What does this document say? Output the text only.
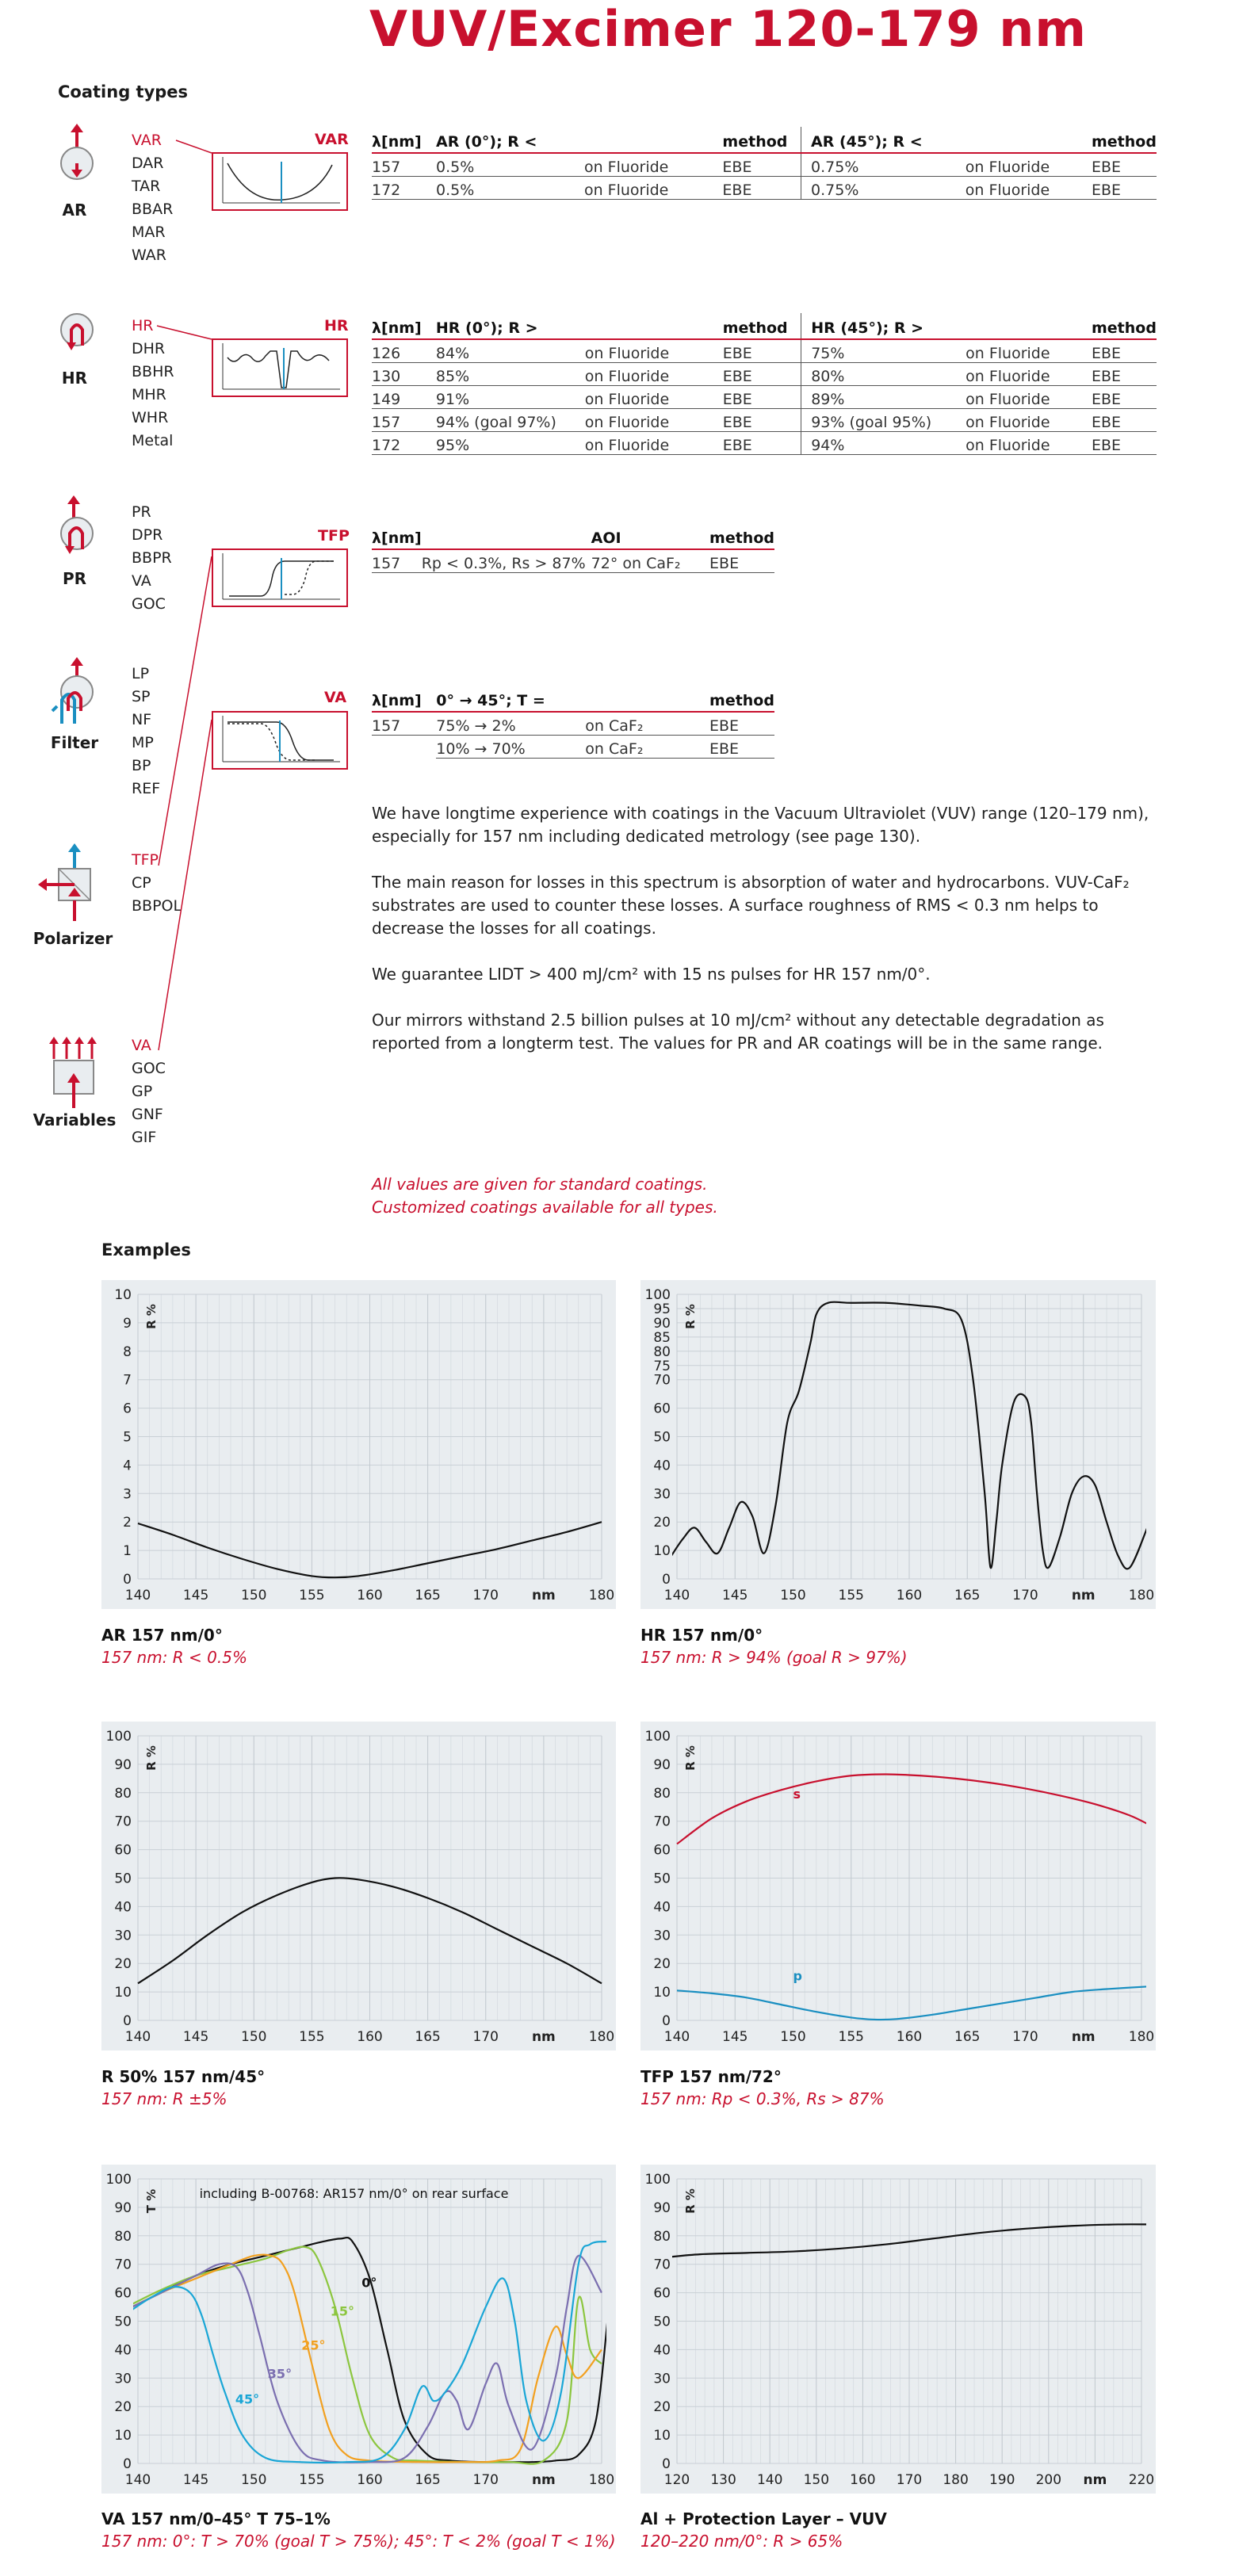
VUV/Excimer 120-179 nm
Coating types
AR
HR
PR
Filter
Polarizer
Variables
VAR
DAR
TAR
BBAR
MAR
WAR
HR
DHR
BBHR
MHR
WHR
Metal
PR
DPR
BBPR
VA
GOC
LP
SP
NF
MP
BP
REF
TFP
CP
BBPOL
VA
GOC
GP
GNF
GIF
VAR
HR
TFP
VA
λ[nm]	AR (0°); R <		method	AR (45°); R <		method
157	0.5%	on Fluoride	EBE	0.75%	on Fluoride	EBE
172	0.5%	on Fluoride	EBE	0.75%	on Fluoride	EBE
λ[nm]	HR (0°); R >		method	HR (45°); R >		method
126	84%	on Fluoride	EBE	75%	on Fluoride	EBE
130	85%	on Fluoride	EBE	80%	on Fluoride	EBE
149	91%	on Fluoride	EBE	89%	on Fluoride	EBE
157	94% (goal 97%)	on Fluoride	EBE	93% (goal 95%)	on Fluoride	EBE
172	95%	on Fluoride	EBE	94%	on Fluoride	EBE
λ[nm]		AOI	method
157	Rp < 0.3%, Rs > 87%	72° on CaF₂	EBE
λ[nm]	0° → 45°; T =		method
157	75% → 2%	on CaF₂	EBE
	10% → 70%	on CaF₂	EBE

We have longtime experience with coatings in the Vacuum Ultraviolet (VUV) range (120–179 nm), especially for 157 nm including dedicated metrology (see page 130).

The main reason for losses in this spectrum is absorption of water and hydrocarbons. VUV-CaF₂ substrates are used to counter these losses. A surface roughness of RMS < 0.3 nm helps to decrease the losses for all coatings.

We guarantee LIDT > 400 mJ/cm² with 15 ns pulses for HR 157 nm/0°.

Our mirrors withstand 2.5 billion pulses at 10 mJ/cm² without any detectable degradation as reported from a longterm test. The values for PR and AR coatings will be in the same range.

All values are given for standard coatings.
Customized coatings available for all types.
Examples
0
1
2
3
4
5
6
7
8
9
10
140 145 150 155 160 165 170 nm 180
R %
0
10
20
30
40
50
60
70
75
80
85
90
95
100
140 145 150 155 160 165 170 nm 180
R %
0
10
20
30
40
50
60
70
80
90
100
140 145 150 155 160 165 170 nm 180
R %
0
10
20
30
40
50
60
70
80
90
100
140 145 150 155 160 165 170 nm 180
R %
s
p
0
10
20
30
40
50
60
70
80
90
100
140 145 150 155 160 165 170 nm 180
T %	including B-00768: AR157 nm/0° on rear surface
0°
15°
25°
35°
45°
0
10
20
30
40
50
60
70
80
90
100
120 130 140 150 160 170 180 190 200 nm 220
R %
AR 157 nm/0°
157 nm: R < 0.5%
HR 157 nm/0°
157 nm: R > 94% (goal R > 97%)
R 50% 157 nm/45°
157 nm: R ±5%
TFP 157 nm/72°
157 nm: Rp < 0.3%, Rs > 87%
VA 157 nm/0–45° T 75–1%
157 nm: 0°: T > 70% (goal T > 75%); 45°: T < 2% (goal T < 1%)
Al + Protection Layer – VUV
120–220 nm/0°: R > 65%
